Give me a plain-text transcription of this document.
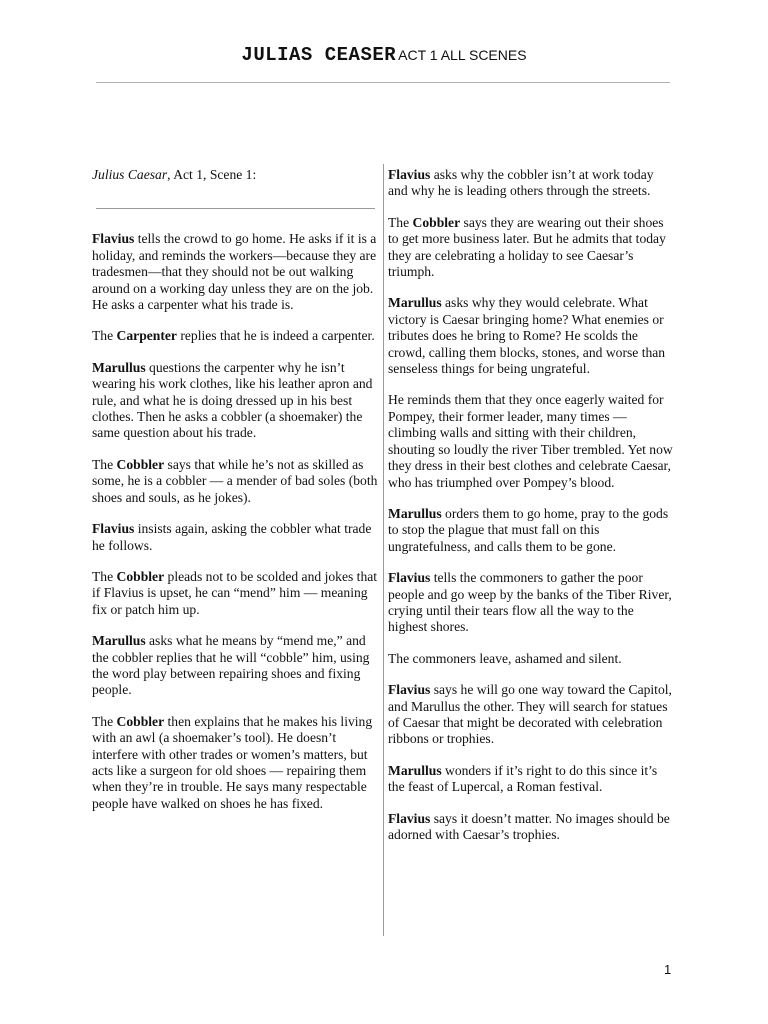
JULIAS CEASER ACT 1 ALL SCENES

Julius Caesar, Act 1, Scene 1:

Flavius tells the crowd to go home. He asks if it is a holiday, and reminds the workers—because they are tradesmen—that they should not be out walking around on a working day unless they are on the job. He asks a carpenter what his trade is.

The Carpenter replies that he is indeed a carpenter.

Marullus questions the carpenter why he isn’t wearing his work clothes, like his leather apron and rule, and what he is doing dressed up in his best clothes. Then he asks a cobbler (a shoemaker) the same question about his trade.

The Cobbler says that while he’s not as skilled as some, he is a cobbler — a mender of bad soles (both shoes and souls, as he jokes).

Flavius insists again, asking the cobbler what trade he follows.

The Cobbler pleads not to be scolded and jokes that if Flavius is upset, he can “mend” him — meaning fix or patch him up.

Marullus asks what he means by “mend me,” and the cobbler replies that he will “cobble” him, using the word play between repairing shoes and fixing people.

The Cobbler then explains that he makes his living with an awl (a shoemaker’s tool). He doesn’t interfere with other trades or women’s matters, but acts like a surgeon for old shoes — repairing them when they’re in trouble. He says many respectable people have walked on shoes he has fixed.

Flavius asks why the cobbler isn’t at work today and why he is leading others through the streets.

The Cobbler says they are wearing out their shoes to get more business later. But he admits that today they are celebrating a holiday to see Caesar’s triumph.

Marullus asks why they would celebrate. What victory is Caesar bringing home? What enemies or tributes does he bring to Rome? He scolds the crowd, calling them blocks, stones, and worse than senseless things for being ungrateful.

He reminds them that they once eagerly waited for Pompey, their former leader, many times — climbing walls and sitting with their children, shouting so loudly the river Tiber trembled. Yet now they dress in their best clothes and celebrate Caesar, who has triumphed over Pompey’s blood.

Marullus orders them to go home, pray to the gods to stop the plague that must fall on this ungratefulness, and calls them to be gone.

Flavius tells the commoners to gather the poor people and go weep by the banks of the Tiber River, crying until their tears flow all the way to the highest shores.

The commoners leave, ashamed and silent.

Flavius says he will go one way toward the Capitol, and Marullus the other. They will search for statues of Caesar that might be decorated with celebration ribbons or trophies.

Marullus wonders if it’s right to do this since it’s the feast of Lupercal, a Roman festival.

Flavius says it doesn’t matter. No images should be adorned with Caesar’s trophies.

1
